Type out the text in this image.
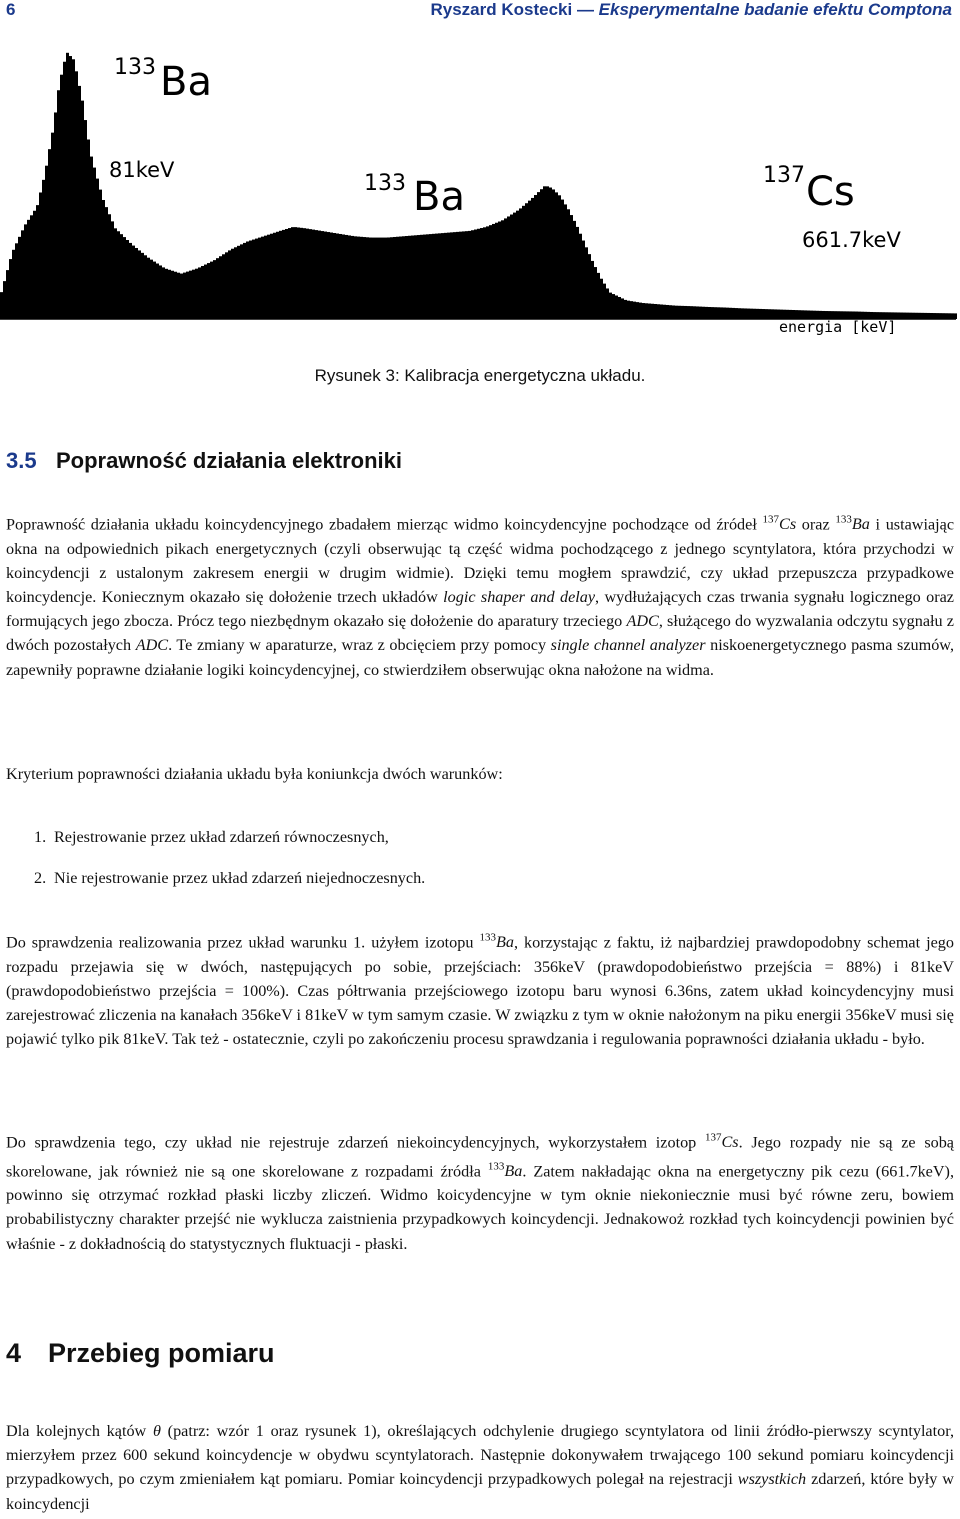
6	Ryszard Kostecki — Eksperymentalne badanie efektu Comptona
133 Ba
81keV
133 Ba
356keV
137 Cs
661.7keV
energia [keV]
Rysunek 3: Kalibracja energetyczna układu.
3.5 Poprawność działania elektroniki

Poprawność działania układu koincydencyjnego zbadałem mierząc widmo koincydencyjne pochodzące od źródeł $^{137}$Cs oraz $^{133}$Ba i ustawiając okna na odpowiednich pikach energetycznych (czyli obserwując tą część widma pochodzącego z jednego scyntylatora, która przychodzi w koincydencji z ustalonym zakresem energii w drugim widmie). Dzięki temu mogłem sprawdzić, czy układ przepuszcza przypadkowe koincydencje. Koniecznym okazało się dołożenie trzech układów logic shaper and delay, wydłużających czas trwania sygnału logicznego oraz formujących jego zbocza. Prócz tego niezbędnym okazało się dołożenie do aparatury trzeciego ADC, służącego do wyzwalania odczytu sygnału z dwóch pozostałych ADC. Te zmiany w aparaturze, wraz z obcięciem przy pomocy single channel analyzer niskoenergetycznego pasma szumów, zapewniły poprawne działanie logiki koincydencyjnej, co stwierdziłem obserwując okna nałożone na widma.

Kryterium poprawności działania układu była koniunkcja dwóch warunków:

1. Rejestrowanie przez układ zdarzeń równoczesnych,
2. Nie rejestrowanie przez układ zdarzeń niejednoczesnych.

Do sprawdzenia realizowania przez układ warunku 1. użyłem izotopu $^{133}$Ba, korzystając z faktu, iż najbardziej prawdopodobny schemat jego rozpadu przejawia się w dwóch, następujących po sobie, przejściach: 356keV (prawdopodobieństwo przejścia = 88%) i 81keV (prawdopodobieństwo przejścia = 100%). Czas półtrwania przejściowego izotopu baru wynosi 6.36ns, zatem układ koincydencyjny musi zarejestrować zliczenia na kanałach 356keV i 81keV w tym samym czasie. W związku z tym w oknie nałożonym na piku energii 356keV musi się pojawić tylko pik 81keV. Tak też - ostatecznie, czyli po zakończeniu procesu sprawdzania i regulowania poprawności działania układu - było.

Do sprawdzenia tego, czy układ nie rejestruje zdarzeń niekoincydencyjnych, wykorzystałem izotop $^{137}$Cs. Jego rozpady nie są ze sobą skorelowane, jak również nie są one skorelowane z rozpadami źródła $^{133}$Ba. Zatem nakładając okna na energetyczny pik cezu (661.7keV), powinno się otrzymać rozkład płaski liczby zliczeń. Widmo koicydencyjne w tym oknie niekoniecznie musi być równe zeru, bowiem probabilistyczny charakter przejść nie wyklucza zaistnienia przypadkowych koincydencji. Jednakowoż rozkład tych koincydencji powinien być właśnie - z dokładnością do statystycznych fluktuacji - płaski.

4 Przebieg pomiaru

Dla kolejnych kątów θ (patrz: wzór 1 oraz rysunek 1), określających odchylenie drugiego scyntylatora od linii źródło-pierwszy scyntylator, mierzyłem przez 600 sekund koincydencje w obydwu scyntylatorach. Następnie dokonywałem trwającego 100 sekund pomiaru koincydencji przypadkowych, po czym zmieniałem kąt pomiaru. Pomiar koincydencji przypadkowych polegał na rejestracji wszystkich zdarzeń, które były w koincydencji
